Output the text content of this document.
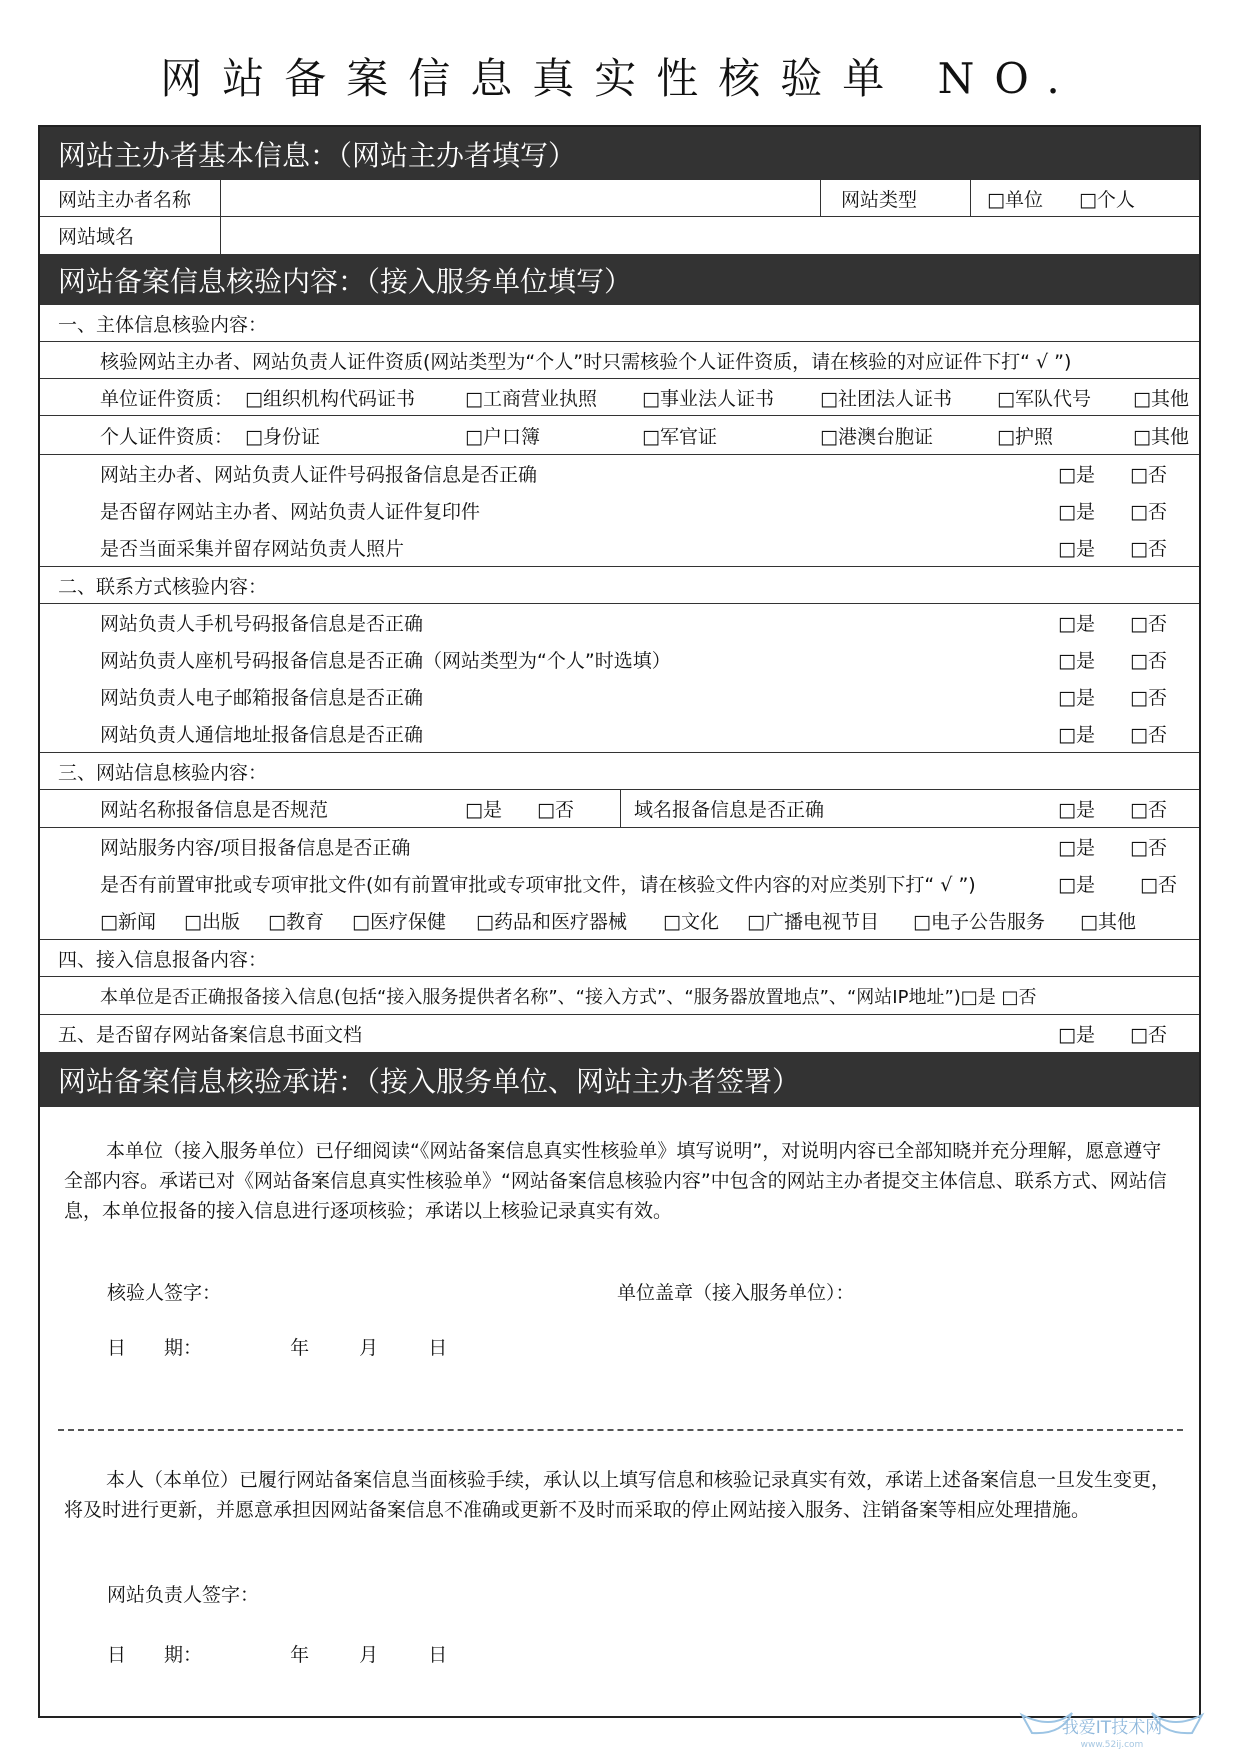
网站备案信息真实性核验单 NO.
网站主办者基本信息：（网站主办者填写）
网站主办者名称	网站类型	□单位 □个人
网站域名
网站备案信息核验内容：（接入服务单位填写）
一、主体信息核验内容：
核验网站主办者、网站负责人证件资质(网站类型为“个人”时只需核验个人证件资质，请在核验的对应证件下打“ √ ”)
单位证件资质： □组织机构代码证书	□工商营业执照 □事业法人证书 □社团法人证书 □军队代号 □其他
个人证件资质： □身份证	□户口簿	□军官证	□港澳台胞证	□护照	□其他
网站主办者、网站负责人证件号码报备信息是否正确	□是 □否
是否留存网站主办者、网站负责人证件复印件	□是 □否
是否当面采集并留存网站负责人照片	□是 □否
二、联系方式核验内容：
网站负责人手机号码报备信息是否正确	□是 □否
网站负责人座机号码报备信息是否正确（网站类型为“个人”时选填）	□是 □否
网站负责人电子邮箱报备信息是否正确	□是 □否
网站负责人通信地址报备信息是否正确	□是 □否
三、网站信息核验内容：
网站名称报备信息是否规范	□是 □否	域名报备信息是否正确	□是 □否
网站服务内容/项目报备信息是否正确	□是 □否
是否有前置审批或专项审批文件(如有前置审批或专项审批文件，请在核验文件内容的对应类别下打“ √ ”)	□是 □否
□新闻 □出版 □教育 □医疗保健 □药品和医疗器械 □文化 □广播电视节目 □电子公告服务 □其他
四、接入信息报备内容：
本单位是否正确报备接入信息(包括“接入服务提供者名称”、“接入方式”、“服务器放置地点”、“网站IP地址”)□是 □否
五、是否留存网站备案信息书面文档	□是 □否
网站备案信息核验承诺：（接入服务单位、网站主办者签署）
本单位（接入服务单位）已仔细阅读“《网站备案信息真实性核验单》填写说明”，对说明内容已全部知晓并充分理解，愿意遵守全部内容。承诺已对《网站备案信息真实性核验单》“网站备案信息核验内容”中包含的网站主办者提交主体信息、联系方式、网站信息，本单位报备的接入信息进行逐项核验；承诺以上核验记录真实有效。
核验人签字：	单位盖章（接入服务单位）：
日　　期：	年	月	日
本人（本单位）已履行网站备案信息当面核验手续，承认以上填写信息和核验记录真实有效，承诺上述备案信息一旦发生变更，将及时进行更新，并愿意承担因网站备案信息不准确或更新不及时而采取的停止网站接入服务、注销备案等相应处理措施。
网站负责人签字：
日　　期：	年	月	日
我爱IT技术网
www.52ij.com
